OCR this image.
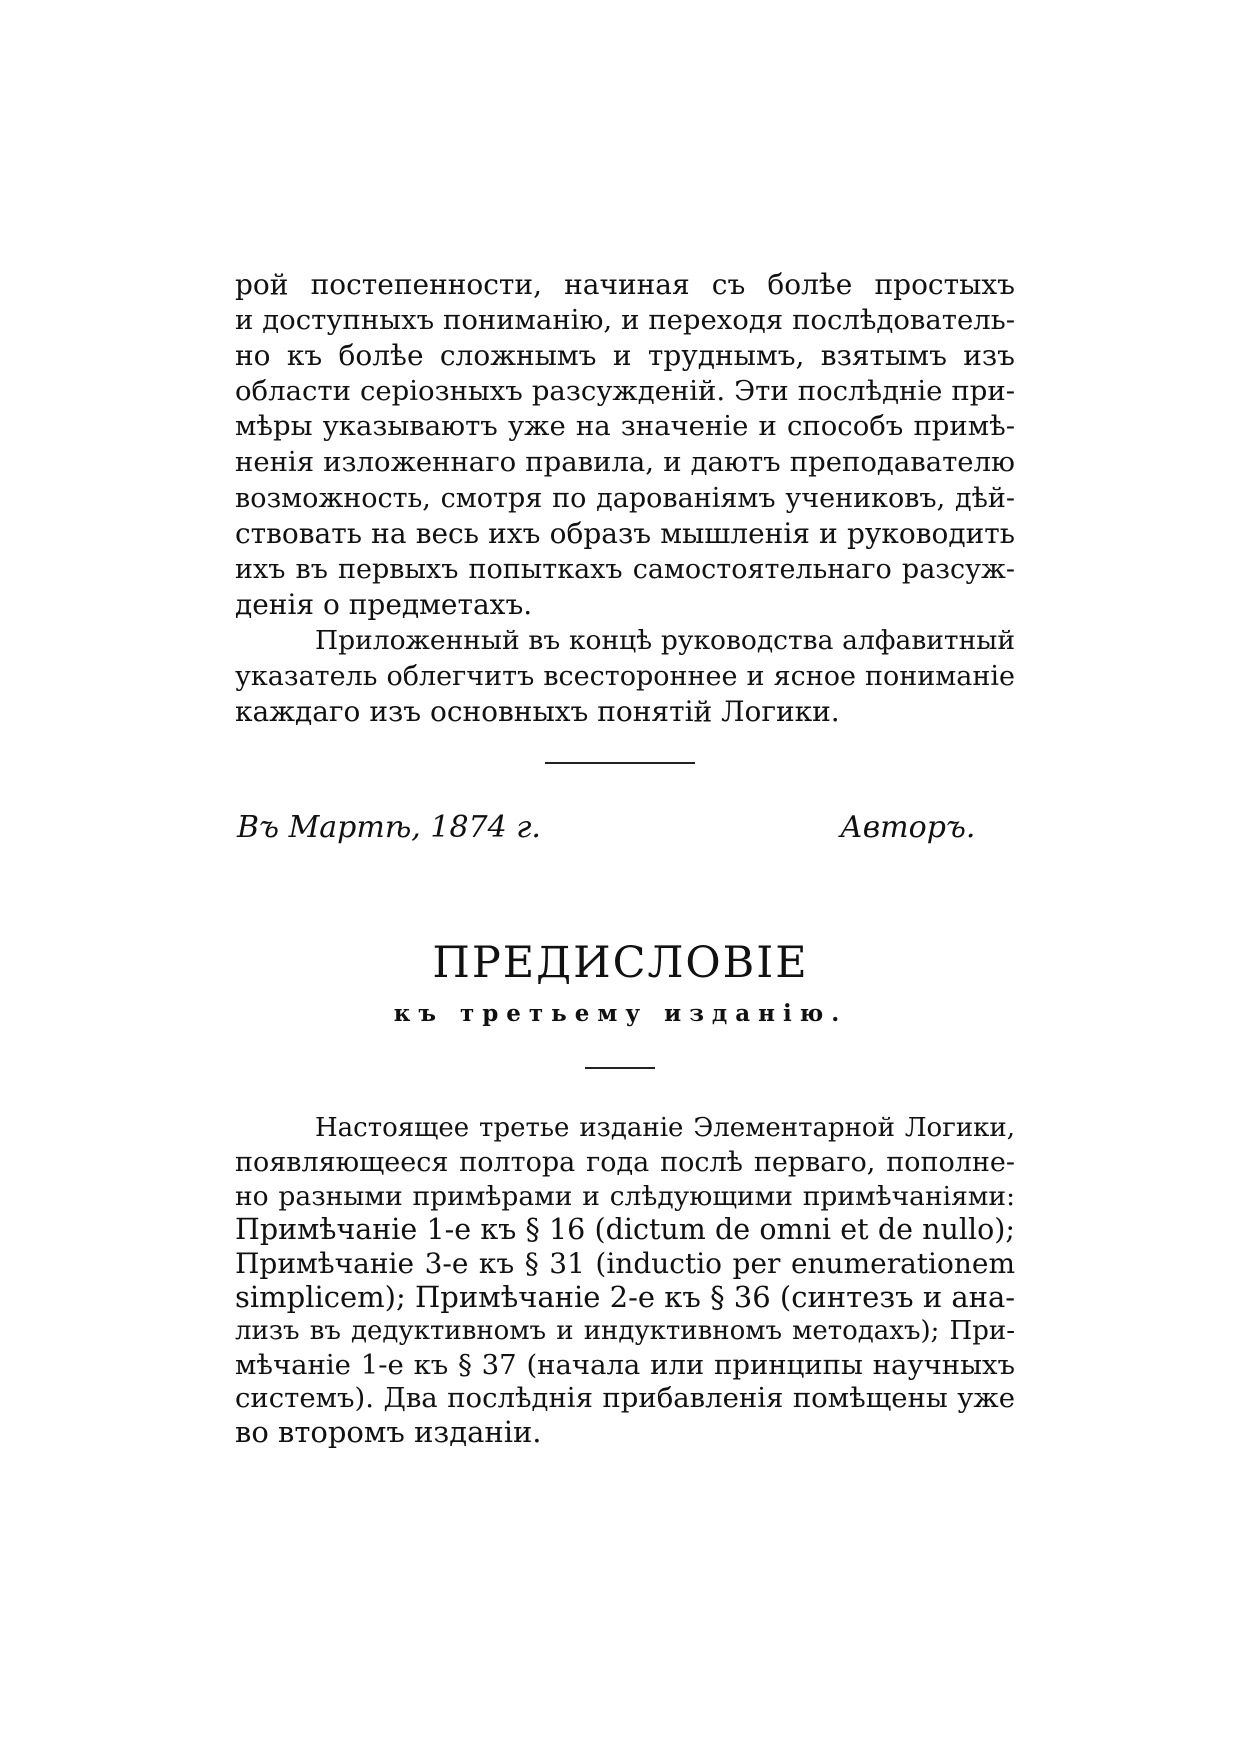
рой постепенности, начиная съ болѣе простыхъ
и доступныхъ пониманію, и переходя послѣдователь-
но къ болѣе сложнымъ и труднымъ, взятымъ изъ
области серіозныхъ разсужденій. Эти послѣдніе при-
мѣры указываютъ уже на значеніе и способъ примѣ-
ненія изложеннаго правила, и даютъ преподавателю
возможность, смотря по дарованіямъ учениковъ, дѣй-
ствовать на весь ихъ образъ мышленія и руководить
ихъ въ первыхъ попыткахъ самостоятельнаго разсуж-
денія о предметахъ.
Приложенный въ концѣ руководства алфавитный
указатель облегчитъ всестороннее и ясное пониманіе
каждаго изъ основныхъ понятій Логики.
Въ Мартѣ, 1874 г.	Авторъ.
ПРЕДИСЛОВІЕ
къ третьему изданію.
Настоящее третье изданіе Элементарной Логики,
появляющееся полтора года послѣ перваго, пополне-
но разными примѣрами и слѣдующими примѣчаніями:
Примѣчаніе 1-е къ § 16 (dictum de omni et de nullo);
Примѣчаніе 3-е къ § 31 (inductio per enumerationem
simplicem); Примѣчаніе 2-е къ § 36 (синтезъ и ана-
лизъ въ дедуктивномъ и индуктивномъ методахъ); При-
мѣчаніе 1-е къ § 37 (начала или принципы научныхъ
системъ). Два послѣднія прибавленія помѣщены уже
во второмъ изданіи.
